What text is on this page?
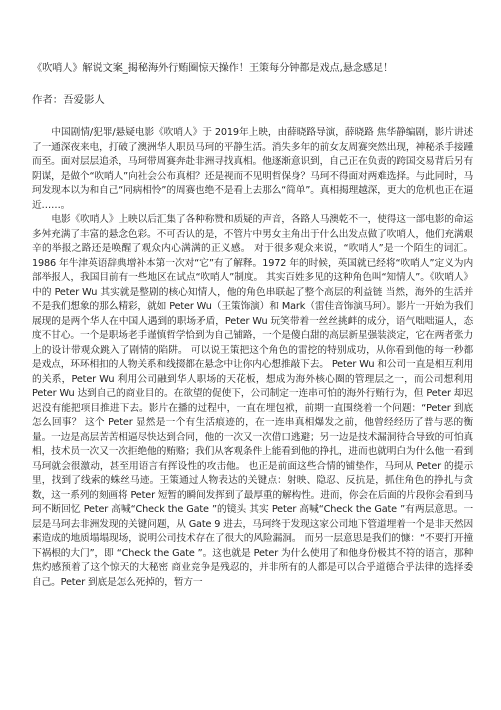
《吹哨人》解说文案_揭秘海外行贿圈惊天操作！王策每分钟都是戏点,悬念感足！
作者：吾爱影人

中国剧情/犯罪/悬疑电影《吹哨人》于 2019年上映，由薛晓路导演，薛晓路 焦华静编剧，影片讲述了一通深夜来电，打破了澳洲华人职员马珂的平静生活。消失多年的前女友周赛突然出现，神秘杀手接踵而至。面对层层追杀，马珂带周赛奔赴非洲寻找真相。他逐渐意识到，自己正在负责的跨国交易背后另有阴谋，是做个“吹哨人”向社会公布真相？还是视而不见明哲保身？马珂不得面对两难选择。与此同时，马珂发现本以为和自己“同病相怜”的周赛也绝不是看上去那么“简单”。真相揭理越深，更大的危机也正在逼近……。

电影《吹哨人》上映以后汇集了各种称赞和质疑的声音，各路人马澳乾不一，使得这一部电影的命运多舛充满了丰富的悬念色彩。不可否认的是，不管片中男女主角出于什么出发点做了吹哨人，他们充满艰辛的举报之路还是唤醒了观众内心满满的正义感。 对于很多观众来说，“吹哨人”是一个陌生的词汇。1986 年牛津英语辞典增补本第一次对“它”有了解释。1972 年的时候，英国就已经将“吹哨人”定义为内部举报人，我国目前有一些地区在试点“吹哨人”制度。 其实百姓多见的这种角色叫“知情人”。《吹哨人》中的 Peter Wu 其实就是整剧的核心知情人，他的角色串联起了整个高层的利益链 当然，海外的生活并不是我们想象的那么精彩，就如 Peter Wu（王策饰演）和 Mark（雷佳音饰演马珂）。影片一开始为我们展现的是两个华人在中国人遇到的职场矛盾，Peter Wu 玩笑带着一丝丝挑衅的成分，语气咄咄逼人，态度不甘心。一个是职场老手谨慎哲学恰到为自己铺路，一个是傻白甜的高层新星强装淡定，它在两者张力上的设计带观众跳入了剧情的陷阱。 可以说王策把这个角色的雷挖的特别成功，从你看到他的每一秒都是戏点，环环相扣的人物关系和线掇都在悬念中让你内心想推敲下去。 Peter Wu 和公司一直是相互利用的关系，Peter Wu 利用公司融到华人职场的天花板，想成为海外核心圈的管理层之一，而公司想利用 Peter Wu 达到自己的商业目的。在欲望的促使下，公司制定一连串可怕的海外行贿行为，但 Peter 却迟迟没有能把项目推进下去。影片在播的过程中，一直在埋包袱，前期一直围绕着一个问题：“Peter 到底怎么回事？ 这个 Peter 显然是一个有生活痕迹的，在一连串真相爆发之前，他曾经经历了普与恶的衡量。一边是高层苦苦相逼尽快达到合同，他的一次又一次借口逃避；另一边是技术漏洞待合导致的可怕真相，技术员一次又一次拒绝他的贿赂；我们从客观条件上能看到他的挣扎，进而也就明白为什么他一看到马珂就会很激动，甚至用语言有挥设性的攻击他。 也正是前面这些合情的铺垫作，马珂从 Peter 的提示里，找到了线索的蛛丝马迹。王策通过人物表达的关键点：射映、隐忍、反抗是，抓住角色的挣扎与贪数，这一系列的刻画将 Peter 短暂的瞬间发挥到了最厚重的解构性。进而，你会在后面的片段你会看到马珂不断回忆 Peter 高喊“Check the Gate ”的镜头 其实 Peter 高喊“Check the Gate ”有两层意思。一层是马珂去非洲发现的关键问题，从 Gate 9 进去，马珂终于发现这家公司地下管道埋着一个是非天然因素造成的地质塌塌现场，说明公司技术存在了很大的风险漏洞。 而另一层意思是我们的慷：“不要打开撞下祸根的大门”，即 “Check the Gate ”。这也就是 Peter 为什么使用了和他身份极其不符的语言，那种焦灼感预着了这个惊天的大秘密 商业竞争是残忍的，并非所有的人都是可以合乎道德合乎法律的选择委自己。Peter 到底是怎么死掉的，暂方一
